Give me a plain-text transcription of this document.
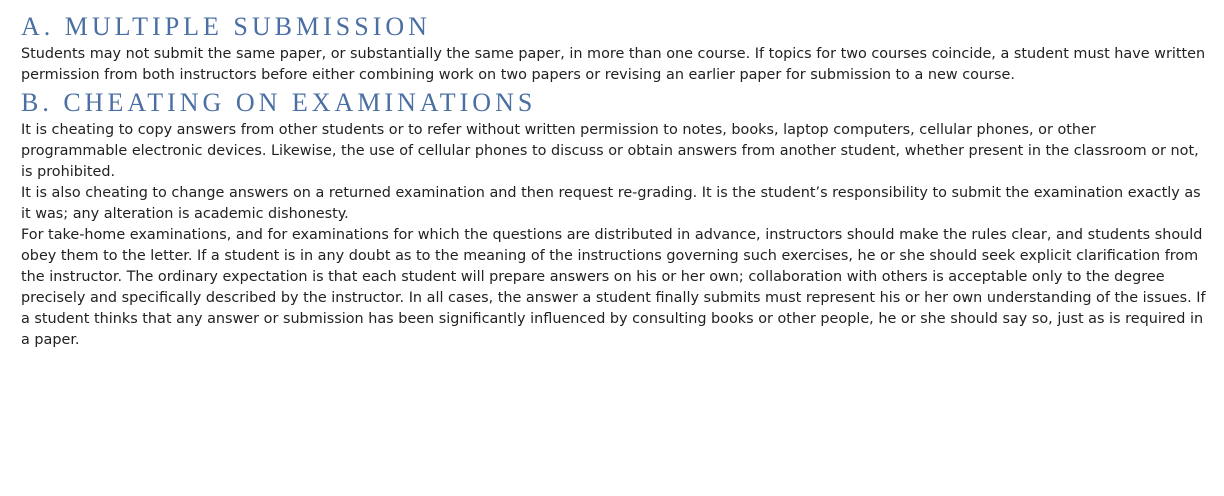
A. MULTIPLE SUBMISSION

Students may not submit the same paper, or substantially the same paper, in more than one course. If topics for two courses coincide, a student must have written permission from both instructors before either combining work on two papers or revising an earlier paper for submission to a new course.

B. CHEATING ON EXAMINATIONS

It is cheating to copy answers from other students or to refer without written permission to notes, books, laptop computers, cellular phones, or other programmable electronic devices. Likewise, the use of cellular phones to discuss or obtain answers from another student, whether present in the classroom or not, is prohibited.

It is also cheating to change answers on a returned examination and then request re-grading. It is the student’s responsibility to submit the examination exactly as it was; any alteration is academic dishonesty.

For take-home examinations, and for examinations for which the questions are distributed in advance, instructors should make the rules clear, and students should obey them to the letter. If a student is in any doubt as to the meaning of the instructions governing such exercises, he or she should seek explicit clarification from the instructor. The ordinary expectation is that each student will prepare answers on his or her own; collaboration with others is acceptable only to the degree precisely and specifically described by the instructor. In all cases, the answer a student finally submits must represent his or her own understanding of the issues. If a student thinks that any answer or submission has been significantly influenced by consulting books or other people, he or she should say so, just as is required in a paper.
